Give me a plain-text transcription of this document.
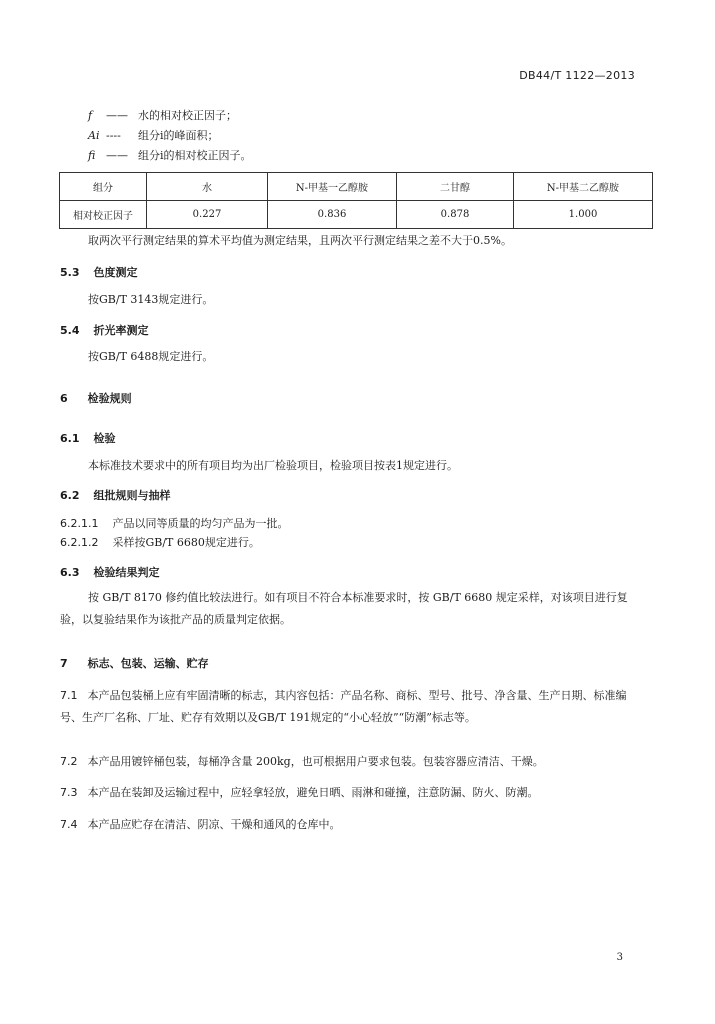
DB44/T 1122—2013
f —— 水的相对校正因子；
Ai ---- 组分i的峰面积；
fi —— 组分i的相对校正因子。
组分	水	N-甲基一乙醇胺	二甘醇	N-甲基二乙醇胺
相对校正因子	0.227	0.836	0.878	1.000
取两次平行测定结果的算术平均值为测定结果，且两次平行测定结果之差不大于0.5%。
5.3 色度测定
按GB/T 3143规定进行。
5.4 折光率测定
按GB/T 6488规定进行。
6 检验规则
6.1 检验
本标准技术要求中的所有项目均为出厂检验项目，检验项目按表1规定进行。
6.2 组批规则与抽样
6.2.1.1 产品以同等质量的均匀产品为一批。
6.2.1.2 采样按GB/T 6680规定进行。
6.3 检验结果判定
按 GB/T 8170 修约值比较法进行。如有项目不符合本标准要求时，按 GB/T 6680 规定采样，对该项目进行复验，以复验结果作为该批产品的质量判定依据。
7 标志、包装、运输、贮存
7.1 本产品包装桶上应有牢固清晰的标志，其内容包括：产品名称、商标、型号、批号、净含量、生产日期、标准编号、生产厂名称、厂址、贮存有效期以及GB/T 191规定的“小心轻放”“防潮”标志等。
7.2 本产品用镀锌桶包装，每桶净含量 200kg，也可根据用户要求包装。包装容器应清洁、干燥。
7.3 本产品在装卸及运输过程中，应轻拿轻放，避免日晒、雨淋和碰撞，注意防漏、防火、防潮。
7.4 本产品应贮存在清洁、阴凉、干燥和通风的仓库中。
3
